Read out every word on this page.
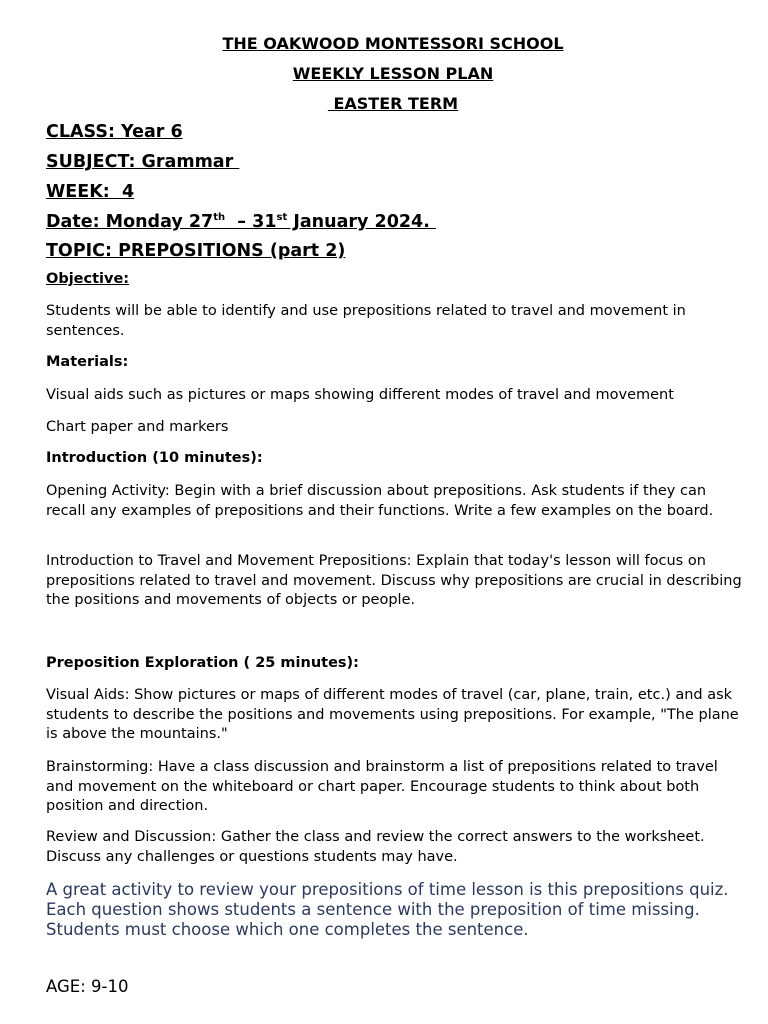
THE OAKWOOD MONTESSORI SCHOOL
WEEKLY LESSON PLAN
EASTER TERM
CLASS: Year 6
SUBJECT: Grammar
WEEK:  4
Date: Monday 27th  – 31st January 2024.
TOPIC: PREPOSITIONS (part 2)
Objective:
Students will be able to identify and use prepositions related to travel and movement in sentences.
Materials:
Visual aids such as pictures or maps showing different modes of travel and movement
Chart paper and markers
Introduction (10 minutes):
Opening Activity: Begin with a brief discussion about prepositions. Ask students if they can recall any examples of prepositions and their functions. Write a few examples on the board.
Introduction to Travel and Movement Prepositions: Explain that today's lesson will focus on prepositions related to travel and movement. Discuss why prepositions are crucial in describing the positions and movements of objects or people.
Preposition Exploration ( 25 minutes):
Visual Aids: Show pictures or maps of different modes of travel (car, plane, train, etc.) and ask students to describe the positions and movements using prepositions. For example, "The plane is above the mountains."
Brainstorming: Have a class discussion and brainstorm a list of prepositions related to travel and movement on the whiteboard or chart paper. Encourage students to think about both position and direction.
Review and Discussion: Gather the class and review the correct answers to the worksheet. Discuss any challenges or questions students may have.
A great activity to review your prepositions of time lesson is this prepositions quiz. Each question shows students a sentence with the preposition of time missing. Students must choose which one completes the sentence.
AGE: 9-10
